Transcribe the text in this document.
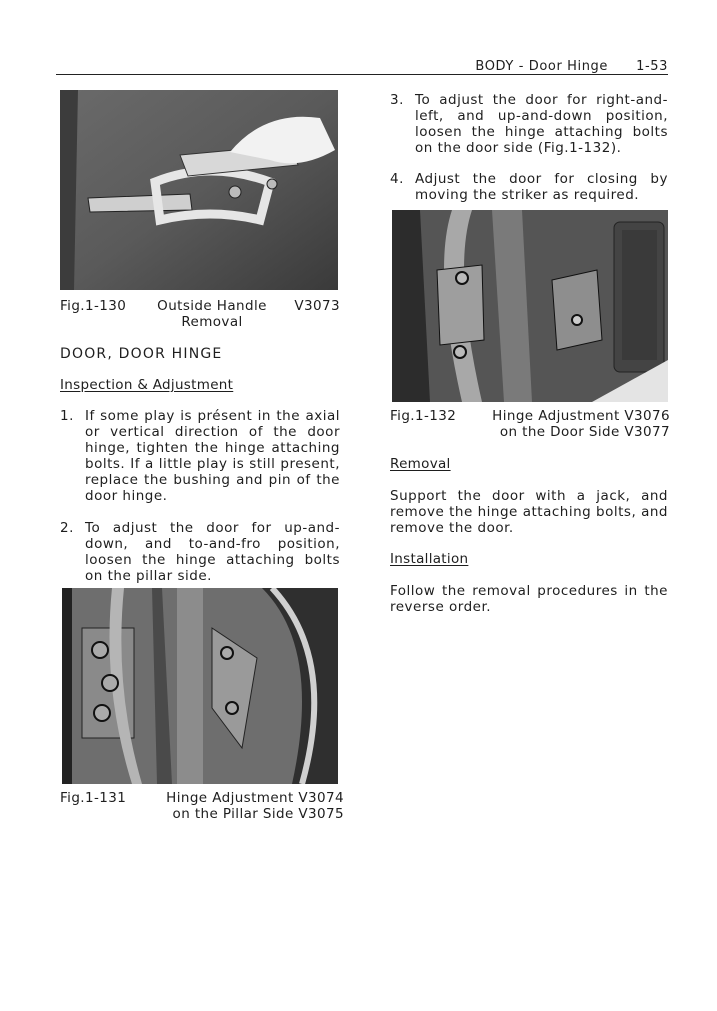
BODY - Door Hinge 1-53
Fig.1-130	Outside Handle
Removal
V3073
DOOR, DOOR HINGE
Inspection & Adjustment
1. If some play is présent in the axial or vertical direction of the door hinge, tighten the hinge attaching bolts. If a little play is still present, replace the bushing and pin of the door hinge.
2. To adjust the door for up-and-down, and to-and-fro position, loosen the hinge attaching bolts on the pillar side.
Fig.1-131	Hinge Adjustment V3074
on the Pillar Side V3075
3. To adjust the door for right-and-left, and up-and-down position, loosen the hinge attaching bolts on the door side (Fig.1-132).
4. Adjust the door for closing by moving the striker as required.
Fig.1-132	Hinge Adjustment V3076
on the Door Side V3077
Removal
Support the door with a jack, and remove the hinge attaching bolts, and remove the door.
Installation
Follow the removal procedures in the reverse order.
